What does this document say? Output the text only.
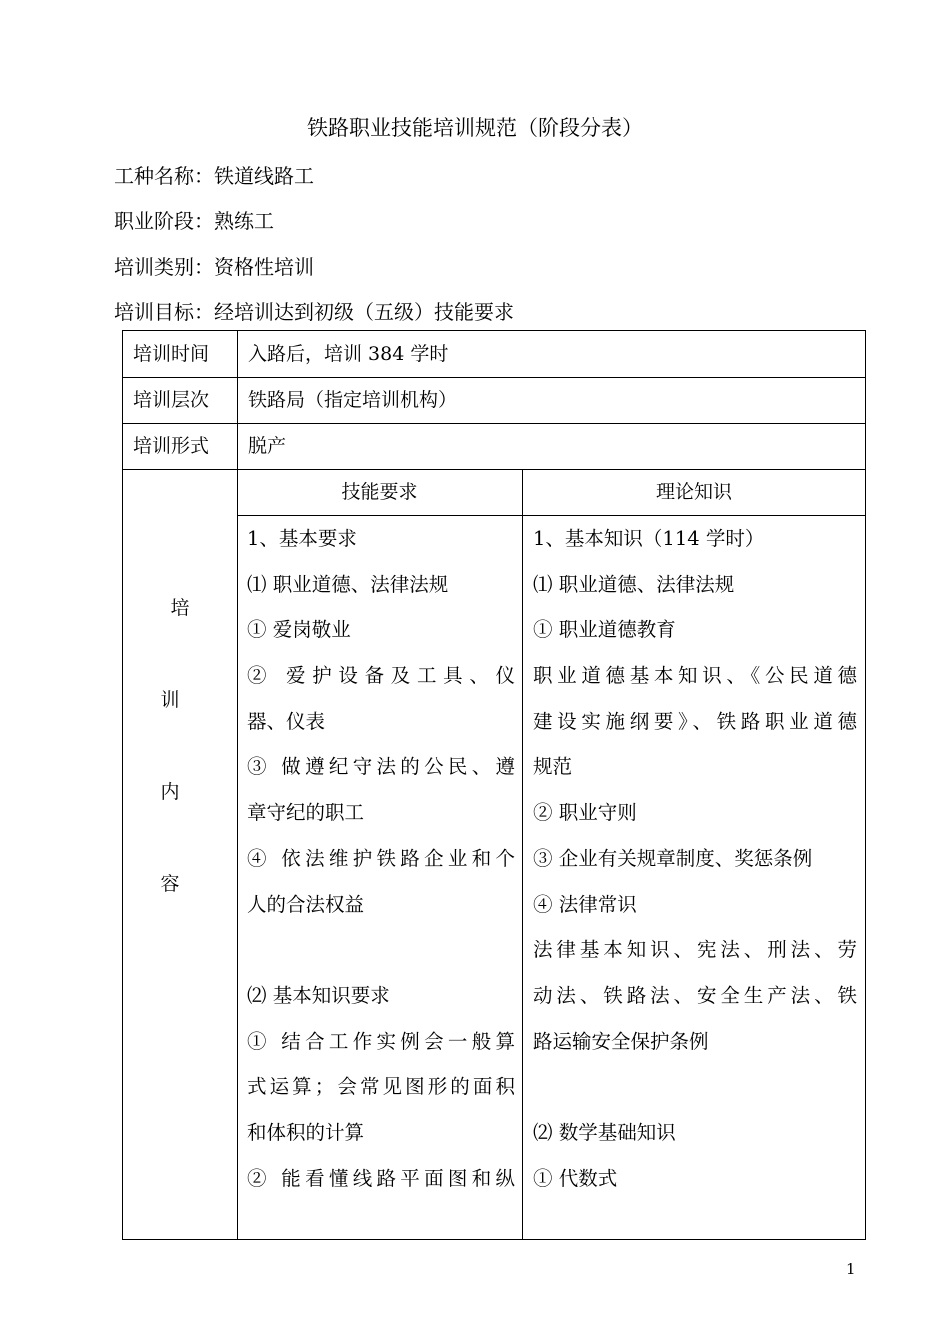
铁路职业技能培训规范（阶段分表）
工种名称：铁道线路工
职业阶段：熟练工
培训类别：资格性培训
培训目标：经培训达到初级（五级）技能要求
培训时间 入路后，培训 384 学时
培训层次 铁路局（指定培训机构）
培训形式 脱产
培
训
内
容
技能要求	理论知识
1、基本要求
⑴ 职业道德、法律法规
① 爱岗敬业
② 爱护设备及工具、仪
器、仪表
③ 做遵纪守法的公民、遵
章守纪的职工
④ 依法维护铁路企业和个
人的合法权益
⑵ 基本知识要求
① 结合工作实例会一般算
式运算；会常见图形的面积
和体积的计算
② 能看懂线路平面图和纵
1、基本知识（114 学时）
⑴ 职业道德、法律法规
① 职业道德教育
职业道德基本知识、《公民道德
建设实施纲要》、铁路职业道德
规范
② 职业守则
③ 企业有关规章制度、奖惩条例
④ 法律常识
法律基本知识、宪法、刑法、劳
动法、铁路法、安全生产法、铁
路运输安全保护条例
⑵ 数学基础知识
① 代数式
1
